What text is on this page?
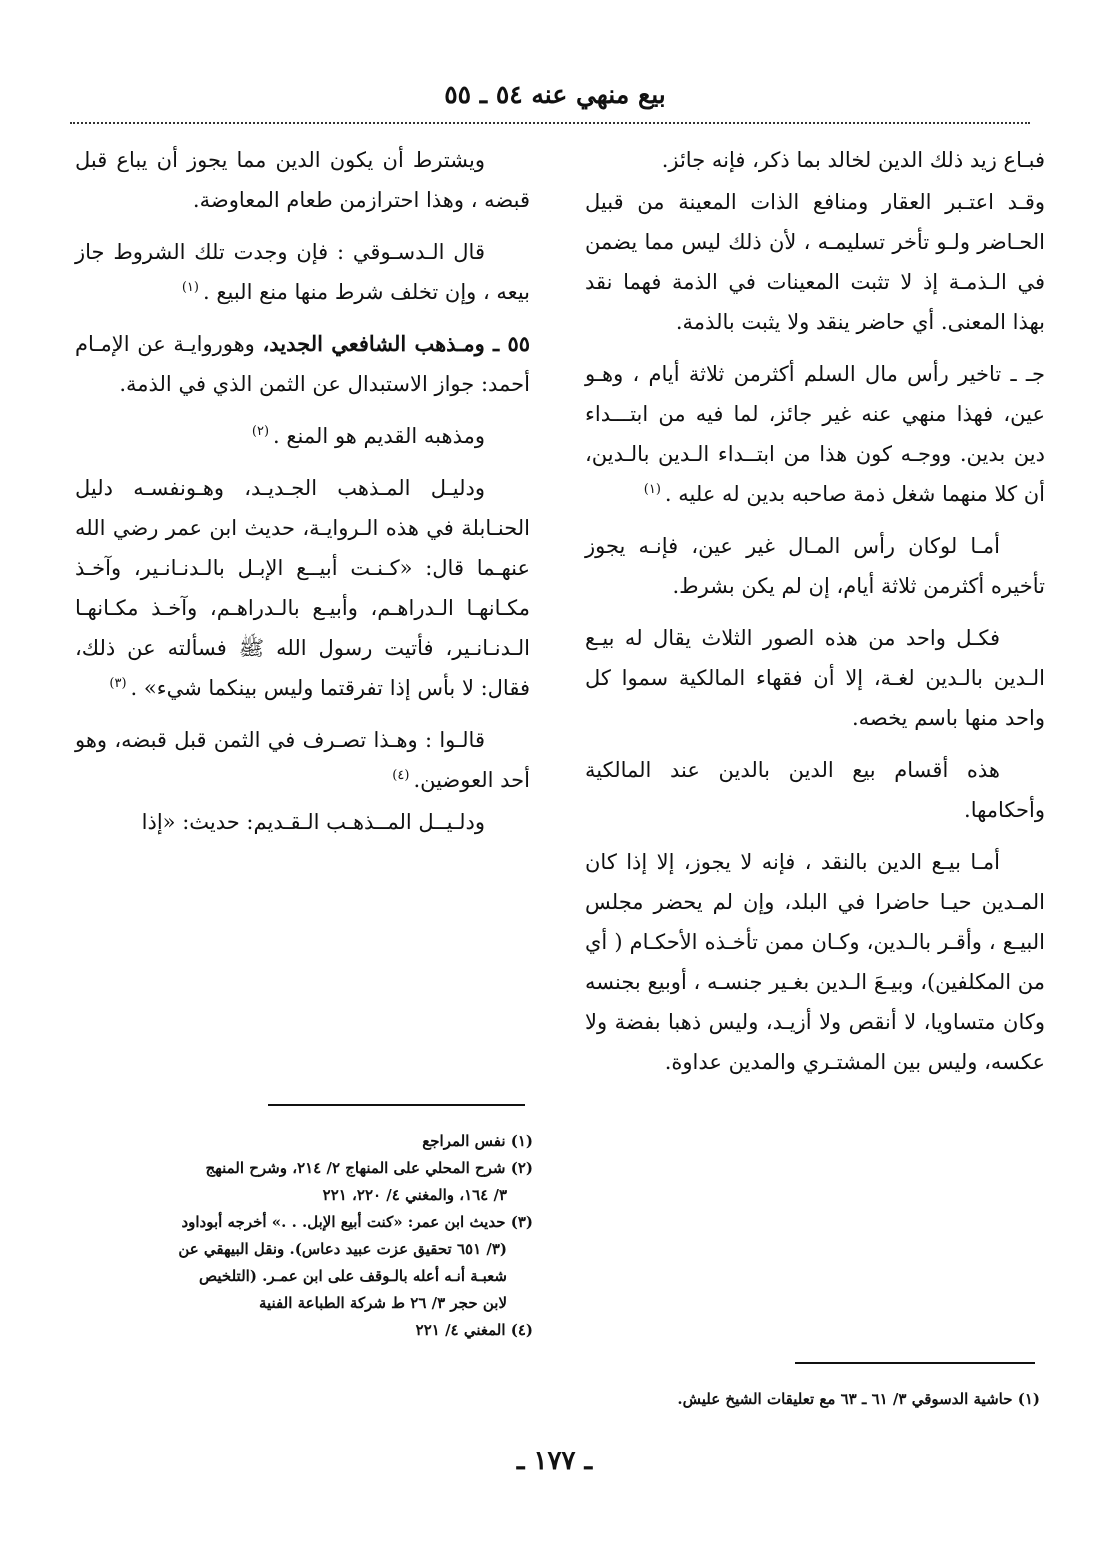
بيع منهي عنه ٥٤ ـ ٥٥

فبـاع زيد ذلك الدين لخالد بما ذكر، فإنه جائز.

وقـد اعتـبر العقار ومنافع الذات المعينة من قبيل الحـاضر ولـو تأخر تسليمـه ، لأن ذلك ليس مما يضمن في الـذمـة إذ لا تثبت المعينات في الذمة فهما نقد بهذا المعنى. أي حاضر ينقد ولا يثبت بالذمة.

جـ ـ تاخير رأس مال السلم أكثرمن ثلاثة أيام ، وهـو عين، فهذا منهي عنه غير جائز، لما فيه من ابتـــداء دين بدين. ووجـه كون هذا من ابتــداء الـدين بالـدين، أن كلا منهما شغل ذمة صاحبه بدين له عليه .$^{(١)}$

أمـا لوكان رأس المـال غير عين، فإنـه يجوز تأخيره أكثرمن ثلاثة أيام، إن لم يكن بشرط.

فكـل واحد من هذه الصور الثلاث يقال له بيـع الـدين بالـدين لغـة، إلا أن فقهاء المالكية سموا كل واحد منها باسم يخصه.

هذه أقسام بيع الدين بالدين عند المالكية وأحكامها.

أمـا بيـع الدين بالنقد ، فإنه لا يجوز، إلا إذا كان المـدين حيـا حاضرا في البلد، وإن لم يحضر مجلس البيـع ، وأقـر بالـدين، وكـان ممن تأخـذه الأحكـام ( أي من المكلفين)، وبيـعَ الـدين بغـير جنسـه ، أوبيع بجنسه وكان متساويا، لا أنقص ولا أزيـد، وليس ذهبا بفضة ولا عكسه، وليس بين المشتـري والمدين عداوة.

ويشترط أن يكون الدين مما يجوز أن يباع قبل قبضه ، وهذا احترازمن طعام المعاوضة.

قال الـدسـوقي : فإن وجدت تلك الشروط جاز بيعه ، وإن تخلف شرط منها منع البيع .$^{(١)}$

٥٥ ـ ومـذهب الشافعي الجديد، وهوروايـة عن الإمـام أحمد: جواز الاستبدال عن الثمن الذي في الذمة.

ومذهبه القديم هو المنع .$^{(٢)}$

ودليـل المـذهب الجـديـد، وهـونفسـه دليل الحنـابلة في هذه الـروايـة، حديث ابن عمر رضي الله عنهـما قال: «كـنـت أبيــع الإبـل بالـدنـانـير، وآخـذ مكـانهـا الـدراهـم، وأبيـع بالـدراهـم، وآخـذ مكـانهـا الـدنـانـير، فأتيت رسول الله ﷺ فسألته عن ذلك، فقال: لا بأس إذا تفرقتما وليس بينكما شيء» .$^{(٣)}$

قالـوا : وهـذا تصـرف في الثمن قبل قبضه، وهو أحد العوضين.$^{(٤)}$

ودلـيــل المــذهـب الـقـديم: حديث: «إذا

(١) حاشية الدسوقي ٣/ ٦١ ـ ٦٣ مع تعليقات الشيخ عليش.
(١) نفس المراجع
(٢) شرح المحلي على المنهاج ٢/ ٢١٤، وشرح المنهج
٣/ ١٦٤، والمغني ٤/ ٢٢٠، ٢٢١
(٣) حديث ابن عمر: «كنت أبيع الإبل. . .» أخرجه أبوداود
(٣/ ٦٥١ تحقيق عزت عبيد دعاس). ونقل البيهقي عن
شعبـة أنـه أعله بالـوقف على ابن عمـر. (التلخيص
لابن حجر ٣/ ٢٦ ط شركة الطباعة الفنية
(٤) المغني ٤/ ٢٢١
ـ ١٧٧ ـ
